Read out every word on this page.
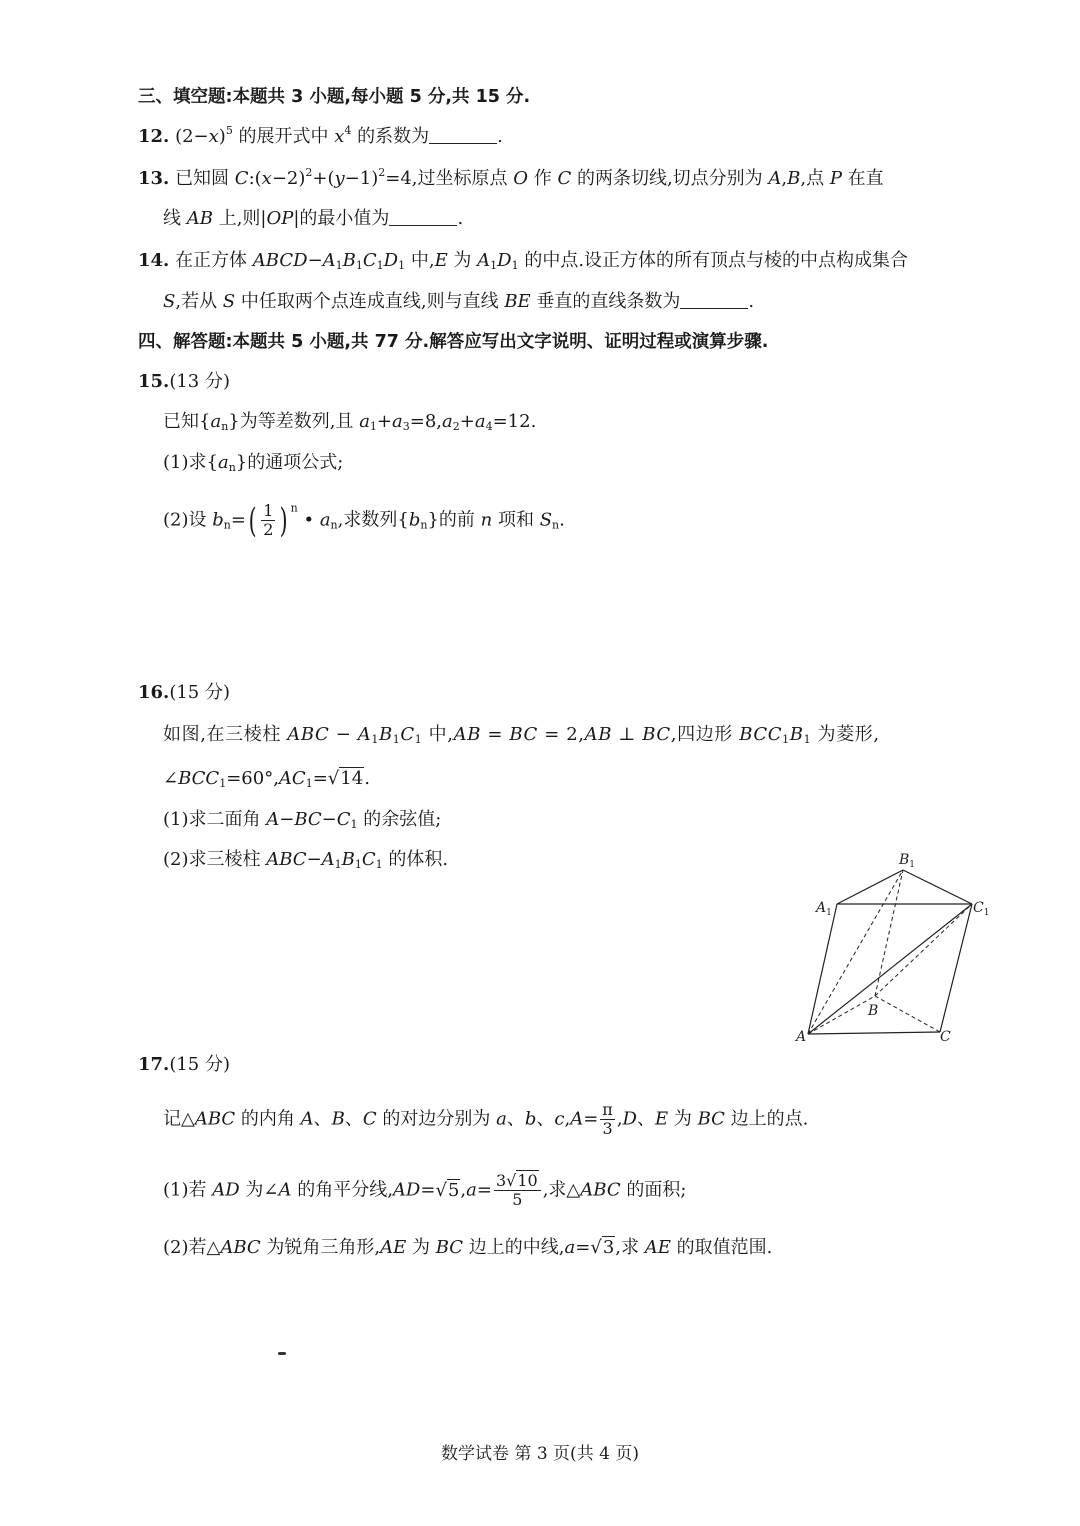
三、填空题:本题共 3 小题,每小题 5 分,共 15 分.
12. $(2-x)^5$ 的展开式中 $x^4$ 的系数为	.
13. 已知圆 $C:(x-2)^2+(y-1)^2=4$,过坐标原点 O 作 C 的两条切线,切点分别为 A,B,点 P 在直
线 AB 上,则|OP|的最小值为	.
14. 在正方体 $ABCD-A_1B_1C_1D_1$ 中,E 为 $A_1D_1$ 的中点.设正方体的所有顶点与棱的中点构成集合
S,若从 S 中任取两个点连成直线,则与直线 BE 垂直的直线条数为	.
四、解答题:本题共 5 小题,共 77 分.解答应写出文字说明、证明过程或演算步骤.
15.(13 分)
已知$\{a_n\}$为等差数列,且 $a_1+a_3=8,a_2+a_4=12$.
(1)求$\{a_n\}$的通项公式;
(2)设 $b_n=( \frac{1}{2}$ ) $^n$ • $a_n$,求数列$\{b_n\}$的前 n 项和 $S_n$.
16.(15 分)
如图,在三棱柱 ABC − $A_1B_1C_1$ 中,AB = BC = 2,AB ⊥ BC,四边形 $BCC_1B_1$ 为菱形,
$\angle BCC_1=60^\circ,AC_1=√14$.
(1)求二面角 $A-BC-C_1$ 的余弦值;
(2)求三棱柱 $ABC-A_1B_1C_1$ 的体积.	$B_1$
$A_1$	$C_1$
A
B
C
17.(15 分)
记△ABC 的内角 A、B、C 的对边分别为 a、b、$c,A= \frac{\pi}{3} ,D$、E 为 BC 边上的点.
(1)若 AD 为∠A 的角平分线$,AD=√5,a= \frac{3√10}{5}$ ,求△ABC 的面积;
(2)若△ABC 为锐角三角形,AE 为 BC 边上的中线,a=√3,求 AE 的取值范围.
数学试卷 第 3 页(共 4 页)
